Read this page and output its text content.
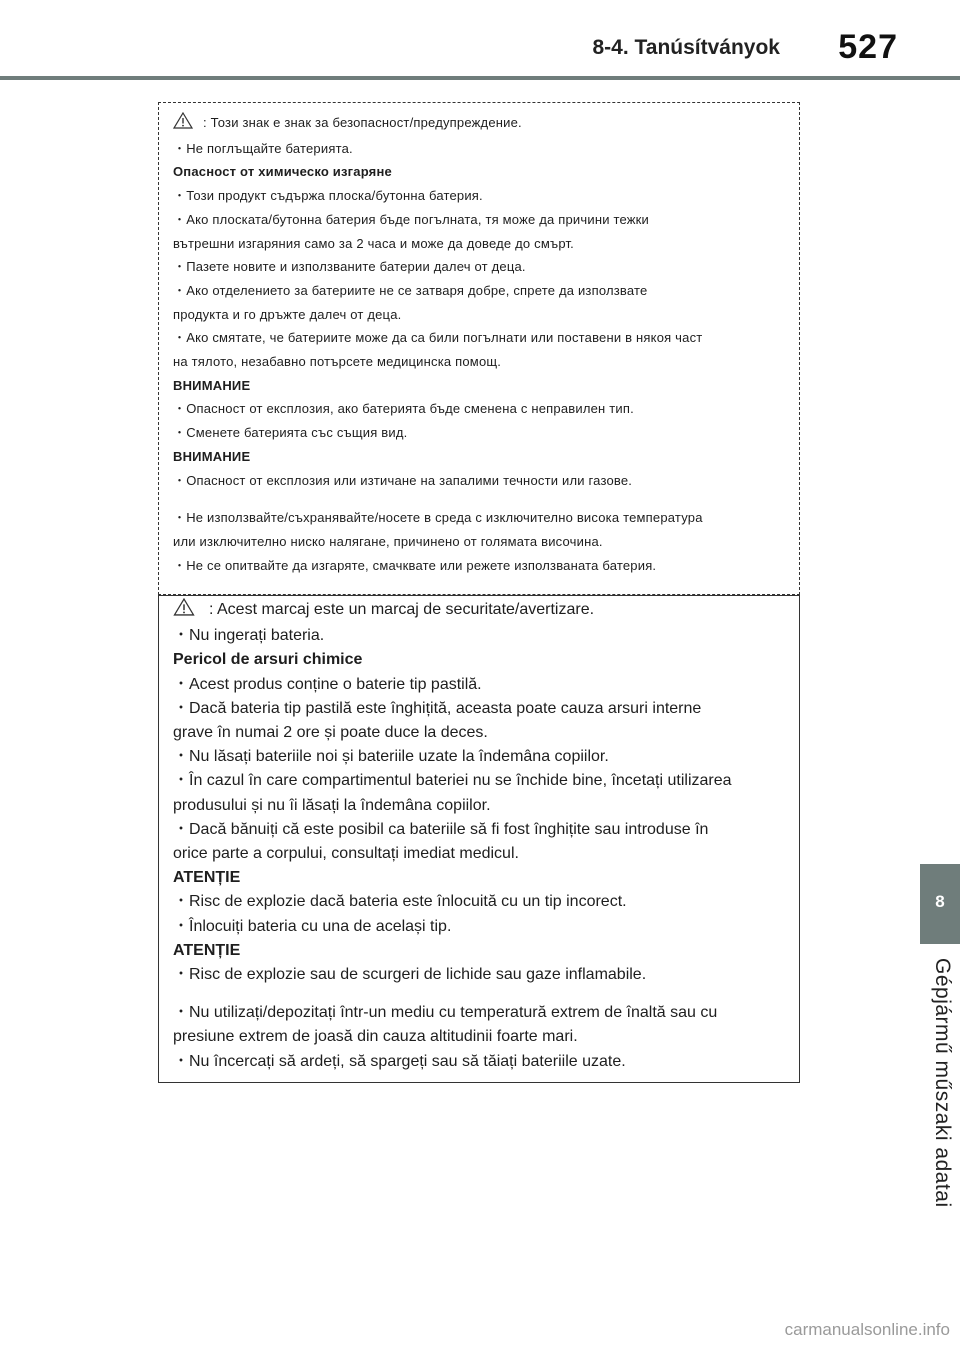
8-4. Tanúsítványok 527
8
Gépjármű műszaki adatai
: Този знак е знак за безопасност/предупреждение.
・Не поглъщайте батерията.
Опасност от химическо изгаряне
・Този продукт съдържа плоска/бутонна батерия.
・Ако плоската/бутонна батерия бъде погълната, тя може да причини тежки
вътрешни изгаряния само за 2 часа и може да доведе до смърт.
・Пазете новите и използваните батерии далеч от деца.
・Ако отделението за батериите не се затваря добре, спрете да използвате
продукта и го дръжте далеч от деца.
・Ако смятате, че батериите може да са били погълнати или поставени в някоя част
на тялото, незабавно потърсете медицинска помощ.
ВНИМАНИЕ
・Опасност от експлозия, ако батерията бъде сменена с неправилен тип.
・Сменете батерията със същия вид.
ВНИМАНИЕ
・Опасност от експлозия или изтичане на запалими течности или газове.
・Не използвайте/съхранявайте/носете в среда с изключително висока температура
или изключително ниско налягане, причинено от голямата височина.
・Не се опитвайте да изгаряте, смачквате или режете използваната батерия.
: Acest marcaj este un marcaj de securitate/avertizare.
・Nu ingerați bateria.
Pericol de arsuri chimice
・Acest produs conține o baterie tip pastilă.
・Dacă bateria tip pastilă este înghițită, aceasta poate cauza arsuri interne
grave în numai 2 ore și poate duce la deces.
・Nu lăsați bateriile noi și bateriile uzate la îndemâna copiilor.
・În cazul în care compartimentul bateriei nu se închide bine, încetați utilizarea
produsului și nu îi lăsați la îndemâna copiilor.
・Dacă bănuiți că este posibil ca bateriile să fi fost înghițite sau introduse în
orice parte a corpului, consultați imediat medicul.
ATENȚIE
・Risc de explozie dacă bateria este înlocuită cu un tip incorect.
・Înlocuiți bateria cu una de același tip.
ATENȚIE
・Risc de explozie sau de scurgeri de lichide sau gaze inflamabile.
・Nu utilizați/depozitați într-un mediu cu temperatură extrem de înaltă sau cu
presiune extrem de joasă din cauza altitudinii foarte mari.
・Nu încercați să ardeți, să spargeți sau să tăiați bateriile uzate.
carmanualsonline.info
